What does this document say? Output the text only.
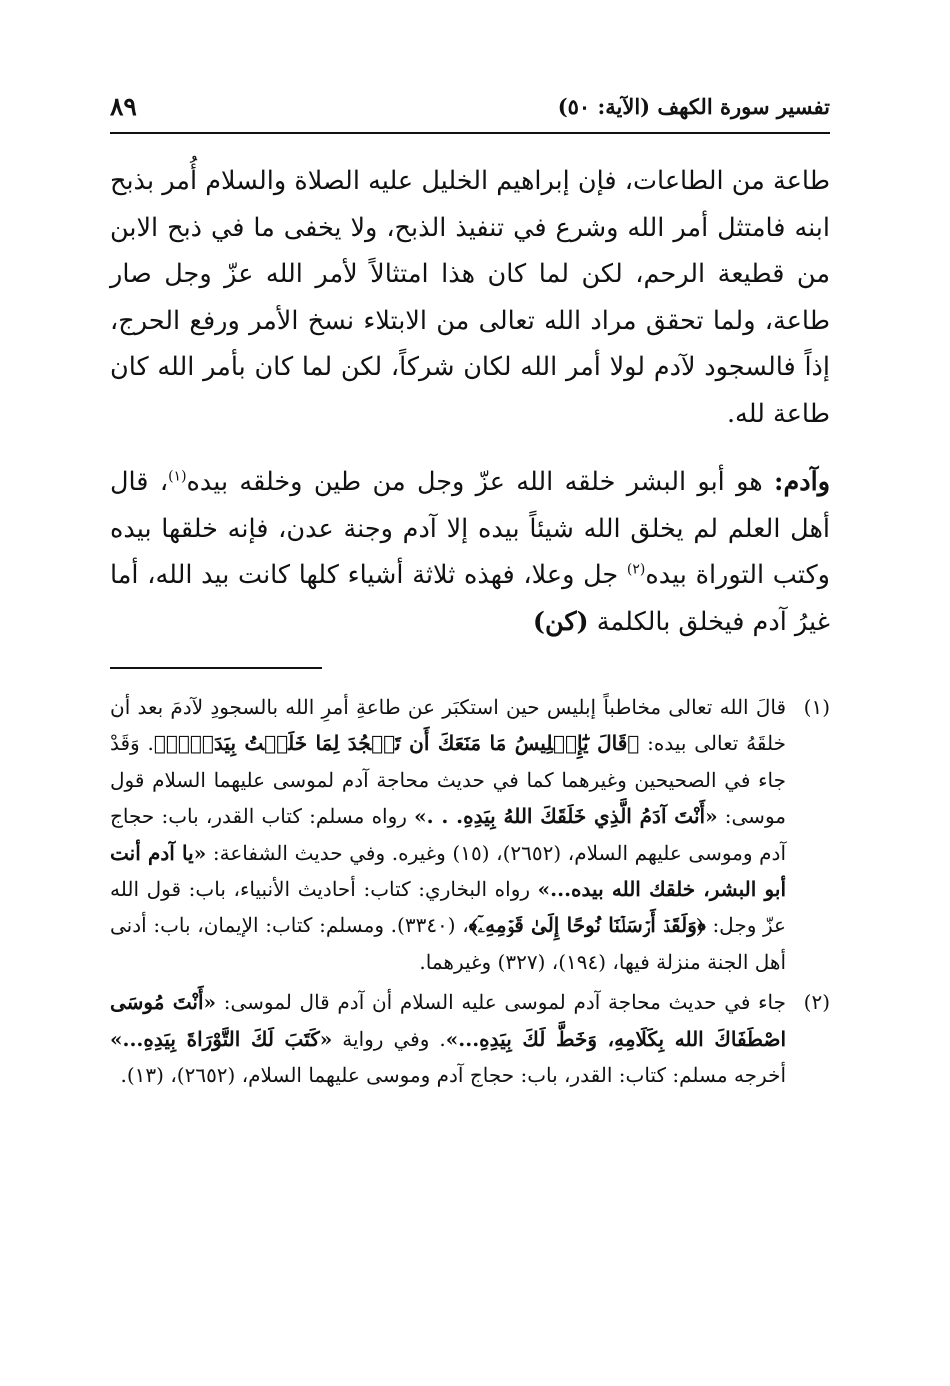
تفسير سورة الكهف (الآية: ٥٠)
٨٩

طاعة من الطاعات، فإن إبراهيم الخليل عليه الصلاة والسلام أُمر بذبح ابنه فامتثل أمر الله وشرع في تنفيذ الذبح، ولا يخفى ما في ذبح الابن من قطيعة الرحم، لكن لما كان هذا امتثالاً لأمر الله عزّ وجل صار طاعة، ولما تحقق مراد الله تعالى من الابتلاء نسخ الأمر ورفع الحرج، إذاً فالسجود لآدم لولا أمر الله لكان شركاً، لكن لما كان بأمر الله كان طاعة لله.

وآدم: هو أبو البشر خلقه الله عزّ وجل من طين وخلقه بيده$^{(١)}$، قال أهل العلم لم يخلق الله شيئاً بيده إلا آدم وجنة عدن، فإنه خلقها بيده وكتب التوراة بيده$^{(٢)}$ جل وعلا، فهذه ثلاثة أشياء كلها كانت بيد الله، أما غيرُ آدم فيخلق بالكلمة (كن)

(١)
قالَ الله تعالى مخاطباً إبليس حين استكبَر عن طاعةِ أمرِ الله بالسجودِ لآدمَ بعد أن خلقَهُ تعالى بيده: ﴿قَالَ يَٰٓإِبۡلِيسُ مَا مَنَعَكَ أَن تَسۡجُدَ لِمَا خَلَقۡتُ بِيَدَيَّۖ﴾. وَقَدْ جاء في الصحيحين وغيرهما كما في حديث محاجة آدم لموسى عليهما السلام قول موسى: «أَنْتَ آدَمُ الَّذِي خَلَقَكَ اللهُ بِيَدِهِ. . .» رواه مسلم: كتاب القدر، باب: حجاج آدم وموسى عليهم السلام، (٢٦٥٢)، (١٥) وغيره. وفي حديث الشفاعة: «يا آدم أنت أبو البشر، خلقك الله بيده...» رواه البخاري: كتاب: أحاديث الأنبياء، باب: قول الله عزّ وجل: ﴿وَلَقَدۡ أَرۡسَلۡنَا نُوحًا إِلَىٰ قَوۡمِهِۦٓ﴾، (٣٣٤٠). ومسلم: كتاب: الإيمان، باب: أدنى أهل الجنة منزلة فيها، (١٩٤)، (٣٢٧) وغيرهما.
(٢)
جاء في حديث محاجة آدم لموسى عليه السلام أن آدم قال لموسى: «أَنْتَ مُوسَى اصْطَفَاكَ الله بِكَلَامِهِ، وَخَطَّ لَكَ بِيَدِهِ...». وفي رواية «كَتَبَ لَكَ التَّوْرَاةَ بِيَدِهِ...» أخرجه مسلم: كتاب: القدر، باب: حجاج آدم وموسى عليهما السلام، (٢٦٥٢)، (١٣).
